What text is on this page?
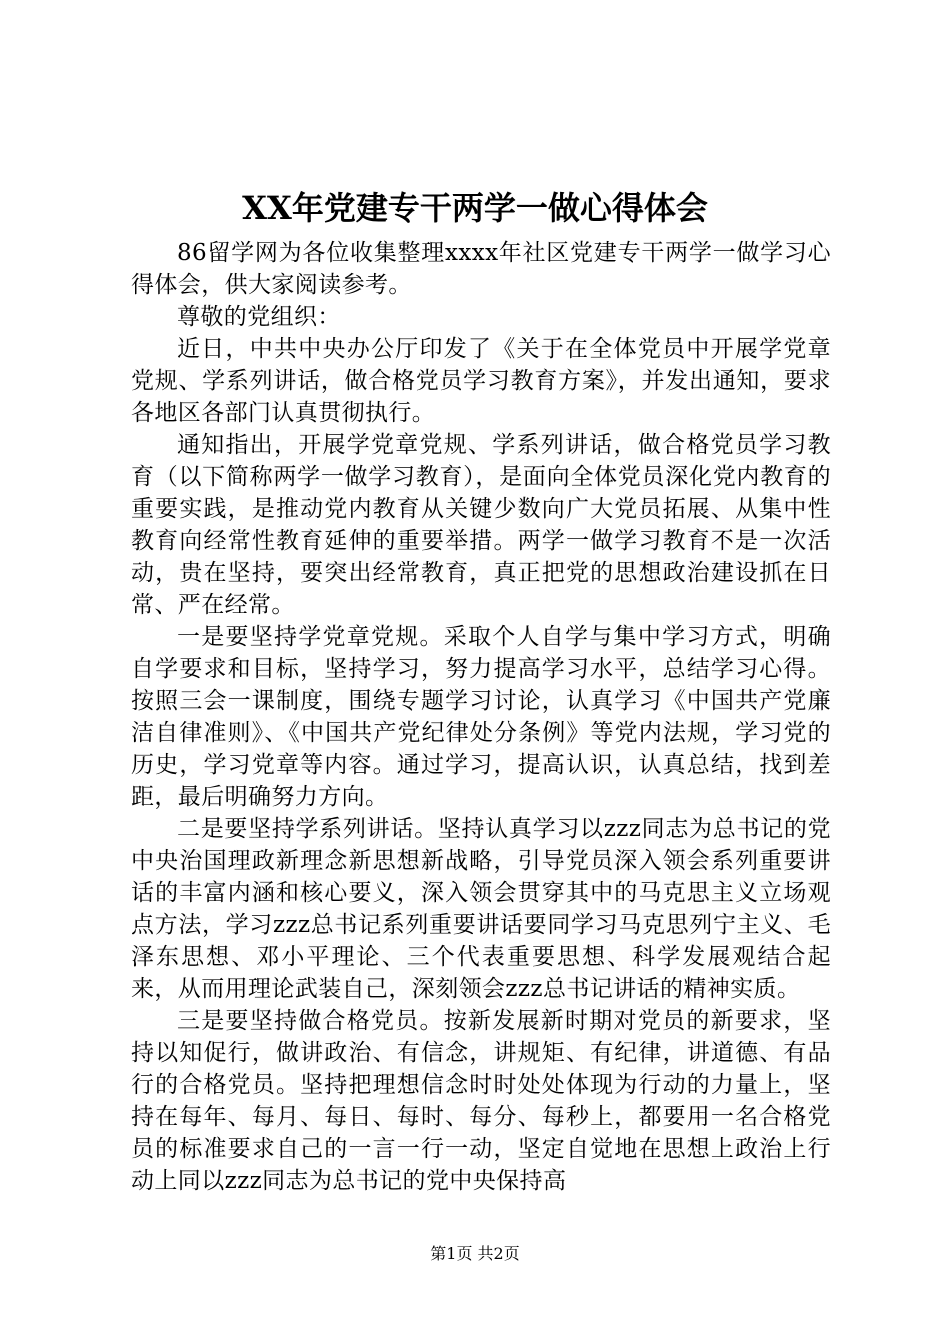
XX年党建专干两学一做心得体会

86留学网为各位收集整理xxxx年社区党建专干两学一做学习心得体会，供大家阅读参考。

尊敬的党组织：

近日，中共中央办公厅印发了《关于在全体党员中开展学党章党规、学系列讲话，做合格党员学习教育方案》，并发出通知，要求各地区各部门认真贯彻执行。

通知指出，开展学党章党规、学系列讲话，做合格党员学习教育（以下简称两学一做学习教育），是面向全体党员深化党内教育的重要实践，是推动党内教育从关键少数向广大党员拓展、从集中性教育向经常性教育延伸的重要举措。两学一做学习教育不是一次活动，贵在坚持，要突出经常教育，真正把党的思想政治建设抓在日常、严在经常。

一是要坚持学党章党规。采取个人自学与集中学习方式，明确自学要求和目标，坚持学习，努力提高学习水平，总结学习心得。按照三会一课制度，围绕专题学习讨论，认真学习《中国共产党廉洁自律准则》、《中国共产党纪律处分条例》等党内法规，学习党的历史，学习党章等内容。通过学习，提高认识，认真总结，找到差距，最后明确努力方向。

二是要坚持学系列讲话。坚持认真学习以zzz同志为总书记的党中央治国理政新理念新思想新战略，引导党员深入领会系列重要讲话的丰富内涵和核心要义，深入领会贯穿其中的马克思主义立场观点方法，学习zzz总书记系列重要讲话要同学习马克思列宁主义、毛泽东思想、邓小平理论、三个代表重要思想、科学发展观结合起来，从而用理论武装自己，深刻领会zzz总书记讲话的精神实质。

三是要坚持做合格党员。按新发展新时期对党员的新要求，坚持以知促行，做讲政治、有信念，讲规矩、有纪律，讲道德、有品行的合格党员。坚持把理想信念时时处处体现为行动的力量上，坚持在每年、每月、每日、每时、每分、每秒上，都要用一名合格党员的标准要求自己的一言一行一动，坚定自觉地在思想上政治上行动上同以zzz同志为总书记的党中央保持高

第1页 共2页
